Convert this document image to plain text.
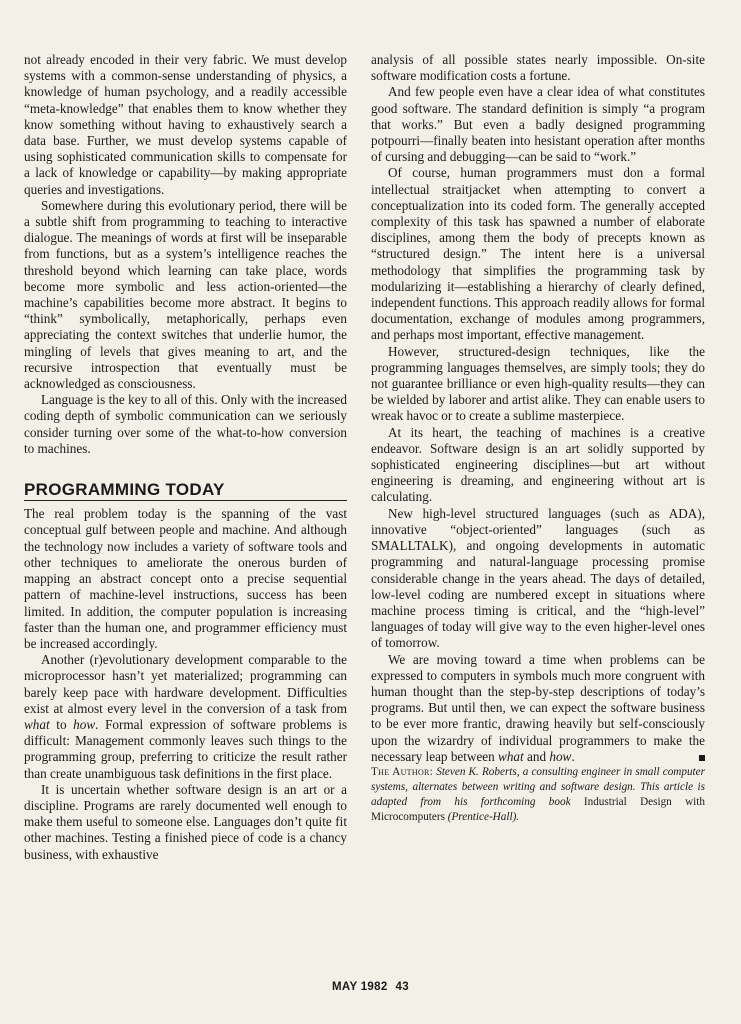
not already encoded in their very fabric. We must develop systems with a common-sense understanding of physics, a knowledge of human psychology, and a readily accessible “meta-knowledge” that enables them to know whether they know something without having to exhaustively search a data base. Further, we must develop systems capable of using sophisticated communication skills to compensate for a lack of knowledge or capability—by making appropriate queries and investigations.

Somewhere during this evolutionary period, there will be a subtle shift from programming to teaching to interactive dialogue. The meanings of words at first will be inseparable from functions, but as a system’s intelligence reaches the threshold beyond which learning can take place, words become more symbolic and less action-oriented—the machine’s capabilities become more abstract. It begins to “think” symbolically, metaphorically, perhaps even appreciating the context switches that underlie humor, the mingling of levels that gives meaning to art, and the recursive introspection that eventually must be acknowledged as consciousness.

Language is the key to all of this. Only with the increased coding depth of symbolic communication can we seriously consider turning over some of the what-to-how conversion to machines.

PROGRAMMING TODAY

The real problem today is the spanning of the vast conceptual gulf between people and machine. And although the technology now includes a variety of software tools and other techniques to ameliorate the onerous burden of mapping an abstract concept onto a precise sequential pattern of machine-level instructions, success has been limited. In addition, the computer population is increasing faster than the human one, and programmer efficiency must be increased accordingly.

Another (r)evolutionary development comparable to the microprocessor hasn’t yet materialized; programming can barely keep pace with hardware development. Difficulties exist at almost every level in the conversion of a task from what to how. Formal expression of software problems is difficult: Management commonly leaves such things to the programming group, preferring to criticize the result rather than create unambiguous task definitions in the first place.

It is uncertain whether software design is an art or a discipline. Programs are rarely documented well enough to make them useful to someone else. Languages don’t quite fit other machines. Testing a finished piece of code is a chancy business, with exhaustive

analysis of all possible states nearly impossible. On-site software modification costs a fortune.

And few people even have a clear idea of what constitutes good software. The standard definition is simply “a program that works.” But even a badly designed programming potpourri—finally beaten into hesistant operation after months of cursing and debugging—can be said to “work.”

Of course, human programmers must don a formal intellectual straitjacket when attempting to convert a conceptualization into its coded form. The generally accepted complexity of this task has spawned a number of elaborate disciplines, among them the body of precepts known as “structured design.” The intent here is a universal methodology that simplifies the programming task by modularizing it—establishing a hierarchy of clearly defined, independent functions. This approach readily allows for formal documentation, exchange of modules among programmers, and perhaps most important, effective management.

However, structured-design techniques, like the programming languages themselves, are simply tools; they do not guarantee brilliance or even high-quality results—they can be wielded by laborer and artist alike. They can enable users to wreak havoc or to create a sublime masterpiece.

At its heart, the teaching of machines is a creative endeavor. Software design is an art solidly supported by sophisticated engineering disciplines—but art without engineering is dreaming, and engineering without art is calculating.

New high-level structured languages (such as ADA), innovative “object-oriented” languages (such as SMALLTALK), and ongoing developments in automatic programming and natural-language processing promise considerable change in the years ahead. The days of detailed, low-level coding are numbered except in situations where machine process timing is critical, and the “high-level” languages of today will give way to the even higher-level ones of tomorrow.

We are moving toward a time when problems can be expressed to computers in symbols much more congruent with human thought than the step-by-step descriptions of today’s programs. But until then, we can expect the software business to be ever more frantic, drawing heavily but self-consciously upon the wizardry of individual programmers to make the necessary leap between what and how.

The Author: Steven K. Roberts, a consulting engineer in small computer systems, alternates between writing and software design. This article is adapted from his forthcoming book Industrial Design with Microcomputers (Prentice-Hall).

MAY 1982 43
